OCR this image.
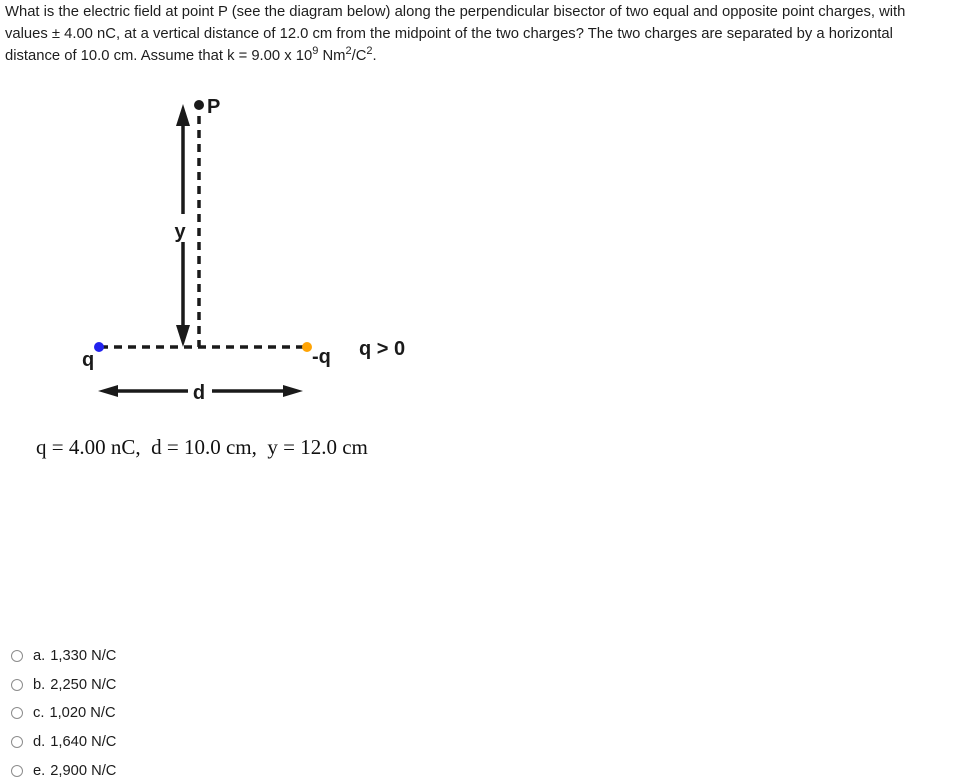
What is the electric field at point P (see the diagram below) along the perpendicular bisector of two equal and opposite point charges, with
values ± 4.00 nC, at a vertical distance of 12.0 cm from the midpoint of the two charges? The two charges are separated by a horizontal
distance of 10.0 cm. Assume that k = 9.00 x $10^9$ $Nm^2/C^2$.
y
P
q	-q q > 0
d
q = 4.00 nC,  d = 10.0 cm,  y = 12.0 cm
a. 1,330 N/C
b. 2,250 N/C
c. 1,020 N/C
d. 1,640 N/C
e. 2,900 N/C
